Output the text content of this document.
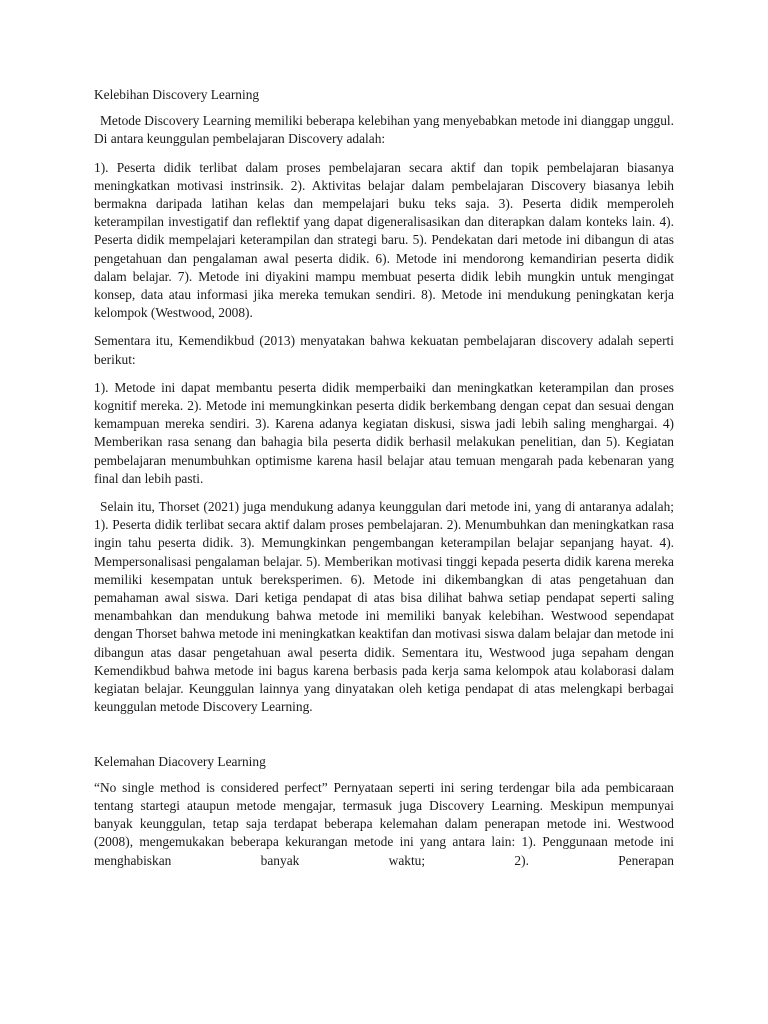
Kelebihan Discovery Learning

Metode Discovery Learning memiliki beberapa kelebihan yang menyebabkan metode ini dianggap unggul. Di antara keunggulan pembelajaran Discovery adalah:

1). Peserta didik terlibat dalam proses pembelajaran secara aktif dan topik pembelajaran biasanya meningkatkan motivasi instrinsik. 2). Aktivitas belajar dalam pembelajaran Discovery biasanya lebih bermakna daripada latihan kelas dan mempelajari buku teks saja. 3). Peserta didik memperoleh keterampilan investigatif dan reflektif yang dapat digeneralisasikan dan diterapkan dalam konteks lain. 4). Peserta didik mempelajari keterampilan dan strategi baru. 5). Pendekatan dari metode ini dibangun di atas pengetahuan dan pengalaman awal peserta didik. 6). Metode ini mendorong kemandirian peserta didik dalam belajar. 7). Metode ini diyakini mampu membuat peserta didik lebih mungkin untuk mengingat konsep, data atau informasi jika mereka temukan sendiri. 8). Metode ini mendukung peningkatan kerja kelompok (Westwood, 2008).

Sementara itu, Kemendikbud (2013) menyatakan bahwa kekuatan pembelajaran discovery adalah seperti berikut:

1). Metode ini dapat membantu peserta didik memperbaiki dan meningkatkan keterampilan dan proses kognitif mereka. 2). Metode ini memungkinkan peserta didik berkembang dengan cepat dan sesuai dengan kemampuan mereka sendiri. 3). Karena adanya kegiatan diskusi, siswa jadi lebih saling menghargai. 4) Memberikan rasa senang dan bahagia bila peserta didik berhasil melakukan penelitian, dan 5). Kegiatan pembelajaran menumbuhkan optimisme karena hasil belajar atau temuan mengarah pada kebenaran yang final dan lebih pasti.

Selain itu, Thorset (2021) juga mendukung adanya keunggulan dari metode ini, yang di antaranya adalah; 1). Peserta didik terlibat secara aktif dalam proses pembelajaran. 2). Menumbuhkan dan meningkatkan rasa ingin tahu peserta didik. 3). Memungkinkan pengembangan keterampilan belajar sepanjang hayat. 4). Mempersonalisasi pengalaman belajar. 5). Memberikan motivasi tinggi kepada peserta didik karena mereka memiliki kesempatan untuk bereksperimen. 6). Metode ini dikembangkan di atas pengetahuan dan pemahaman awal siswa. Dari ketiga pendapat di atas bisa dilihat bahwa setiap pendapat seperti saling menambahkan dan mendukung bahwa metode ini memiliki banyak kelebihan. Westwood sependapat dengan Thorset bahwa metode ini meningkatkan keaktifan dan motivasi siswa dalam belajar dan metode ini dibangun atas dasar pengetahuan awal peserta didik. Sementara itu, Westwood juga sepaham dengan Kemendikbud bahwa metode ini bagus karena berbasis pada kerja sama kelompok atau kolaborasi dalam kegiatan belajar. Keunggulan lainnya yang dinyatakan oleh ketiga pendapat di atas melengkapi berbagai keunggulan metode Discovery Learning.

Kelemahan Diacovery Learning

“No single method is considered perfect” Pernyataan seperti ini sering terdengar bila ada pembicaraan tentang startegi ataupun metode mengajar, termasuk juga Discovery Learning. Meskipun mempunyai banyak keunggulan, tetap saja terdapat beberapa kelemahan dalam penerapan metode ini. Westwood (2008), mengemukakan beberapa kekurangan metode ini yang antara lain: 1). Penggunaan metode ini menghabiskan banyak waktu; 2). Penerapan
